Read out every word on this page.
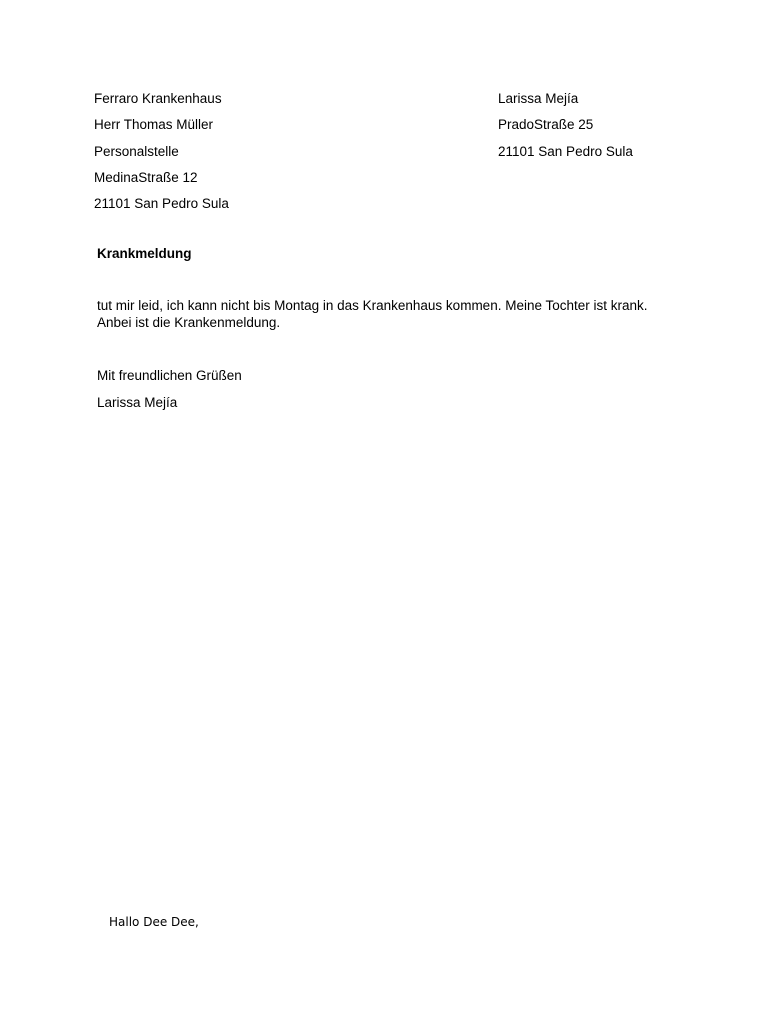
Ferraro Krankenhaus
Herr Thomas Müller
Personalstelle
MedinaStraße 12
21101 San Pedro Sula
Larissa Mejía
PradoStraße 25
21101 San Pedro Sula
Krankmeldung

tut mir leid, ich kann nicht bis Montag in das Krankenhaus kommen. Meine Tochter ist krank.

Anbei ist die Krankenmeldung.

Mit freundlichen Grüßen
Larissa Mejía
Hallo Dee Dee,
